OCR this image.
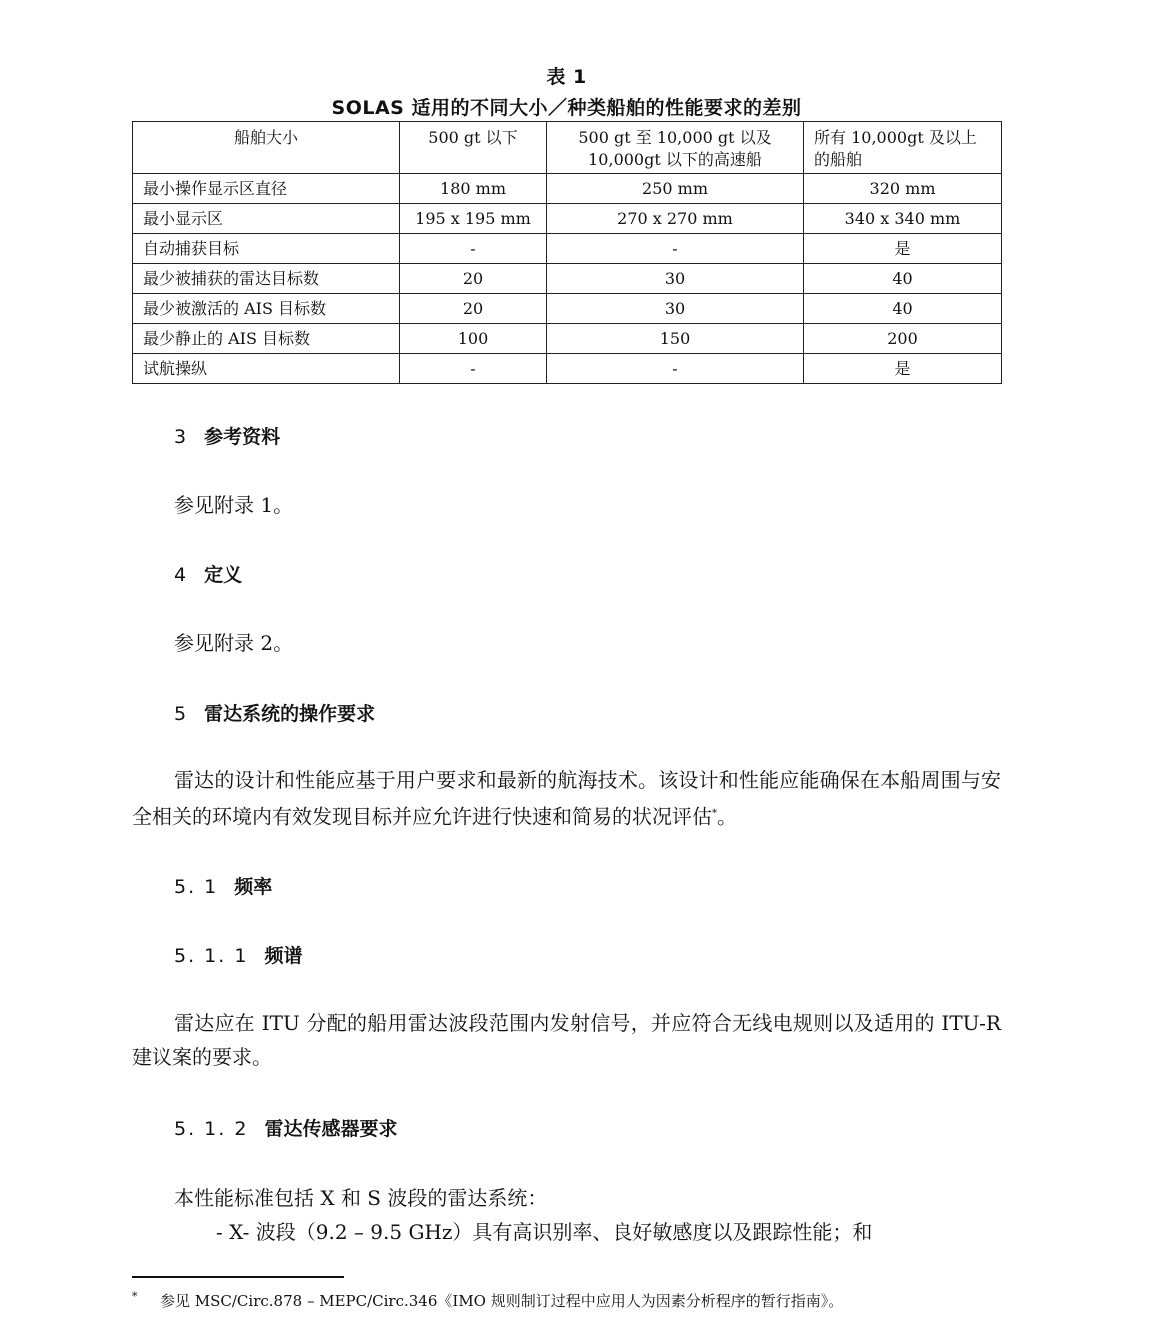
表 1
SOLAS 适用的不同大小／种类船舶的性能要求的差别
船舶大小	500 gt 以下	500 gt 至 10,000 gt 以及 10,000gt 以下的高速船	所有 10,000gt 及以上的船舶
最小操作显示区直径	180 mm	250 mm	320 mm
最小显示区	195 x 195 mm	270 x 270 mm	340 x 340 mm
自动捕获目标	-	-	是
最少被捕获的雷达目标数	20	30	40
最少被激活的 AIS 目标数	20	30	40
最少静止的 AIS 目标数	100	150	200
试航操纵	-	-	是
3 参考资料
参见附录 1。
4 定义
参见附录 2。
5 雷达系统的操作要求
雷达的设计和性能应基于用户要求和最新的航海技术。该设计和性能应能确保在本船周围与安全相关的环境内有效发现目标并应允许进行快速和简易的状况评估*。
5. 1 频率
5. 1. 1 频谱
雷达应在 ITU 分配的船用雷达波段范围内发射信号，并应符合无线电规则以及适用的 ITU-R 建议案的要求。
5. 1. 2 雷达传感器要求
本性能标准包括 X 和 S 波段的雷达系统：
- X- 波段（9.2 – 9.5 GHz）具有高识别率、良好敏感度以及跟踪性能；和
* 参见 MSC/Circ.878 – MEPC/Circ.346《IMO 规则制订过程中应用人为因素分析程序的暂行指南》。
